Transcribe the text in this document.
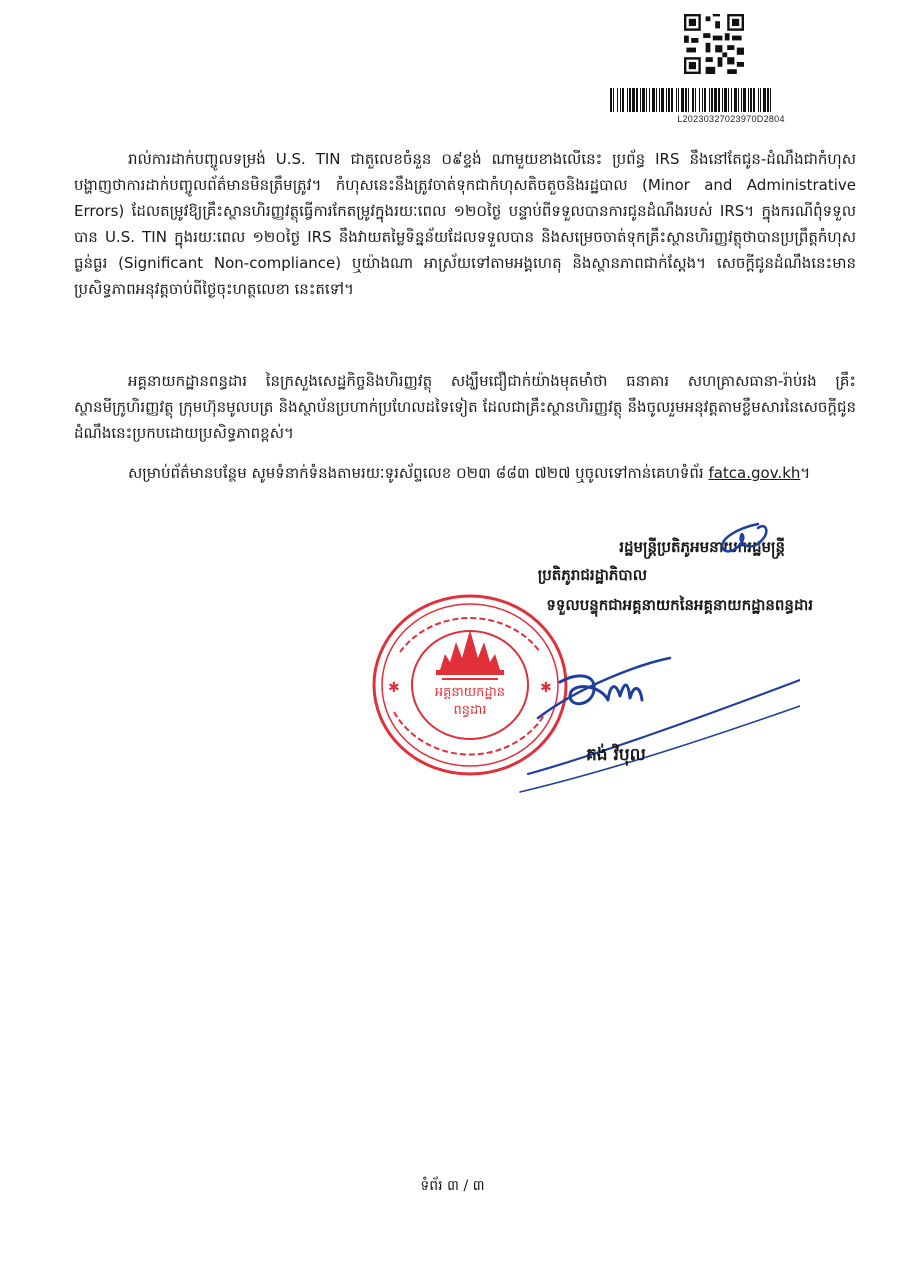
L20230327023970D2804

រាល់ការដាក់បញ្ចូលទម្រង់ U.S. TIN ជាតួលេខចំនួន ០៩ខ្ទង់ ណាមួយខាងលើនេះ ប្រព័ន្ធ IRS នឹងនៅតែជូន-ដំណឹងជាកំហុសបង្ហាញថាការដាក់បញ្ចូលព័ត៌មានមិនត្រឹមត្រូវ។ កំហុសនេះនឹងត្រូវចាត់ទុកជាកំហុសតិចតួចនិងរដ្ឋបាល (Minor and Administrative Errors) ដែលតម្រូវឱ្យគ្រឹះស្ថានហិរញ្ញវត្ថុធ្វើការកែតម្រូវក្នុងរយៈពេល ១២០ថ្ងៃ បន្ទាប់ពីទទួលបានការជូនដំណឹងរបស់ IRS។ ក្នុងករណីពុំទទួលបាន U.S. TIN ក្នុងរយៈពេល ១២០ថ្ងៃ IRS នឹងវាយតម្លៃទិន្នន័យដែលទទួលបាន និងសម្រេចចាត់ទុកគ្រឹះស្ថានហិរញ្ញវត្ថុថាបានប្រព្រឹត្តកំហុសធ្ងន់ធ្ងរ (Significant Non-compliance) ឬយ៉ាងណា អាស្រ័យទៅតាមអង្គហេតុ និងស្ថានភាពជាក់ស្តែង។ សេចក្តីជូនដំណឹងនេះមានប្រសិទ្ធភាពអនុវត្តចាប់ពីថ្ងៃចុះហត្ថលេខា នេះតទៅ។

អគ្គនាយកដ្ឋានពន្ធដារ នៃក្រសួងសេដ្ឋកិច្ចនិងហិរញ្ញវត្ថុ សង្ឃឹមជឿជាក់យ៉ាងមុតមាំថា ធនាគារ សហគ្រាសធានា-រ៉ាប់រង គ្រឹះស្ថានមីក្រូហិរញ្ញវត្ថុ ក្រុមហ៊ុនមូលបត្រ និងស្ថាប័នប្រហាក់ប្រហែលដទៃទៀត ដែលជាគ្រឹះស្ថានហិរញ្ញវត្ថុ នឹងចូលរួមអនុវត្តតាមខ្លឹមសារនៃសេចក្តីជូនដំណឹងនេះប្រកបដោយប្រសិទ្ធភាពខ្ពស់។

សម្រាប់ព័ត៌មានបន្ថែម សូមទំនាក់ទំនងតាមរយៈទូរស័ព្ទលេខ ០២៣ ៨៨៣ ៧២៧ ឬចូលទៅកាន់គេហទំព័រ fatca.gov.kh។

រដ្ឋមន្ត្រីប្រតិភូអមនាយករដ្ឋមន្ត្រី
ប្រតិភូរាជរដ្ឋាភិបាល
ទទួលបន្ទុកជាអគ្គនាយកនៃអគ្គនាយកដ្ឋានពន្ធដារ
✱	✱
អគ្គនាយកដ្ឋាន
ពន្ធដារ
គង់ វិបុល
ទំព័រ ៣ / ៣
